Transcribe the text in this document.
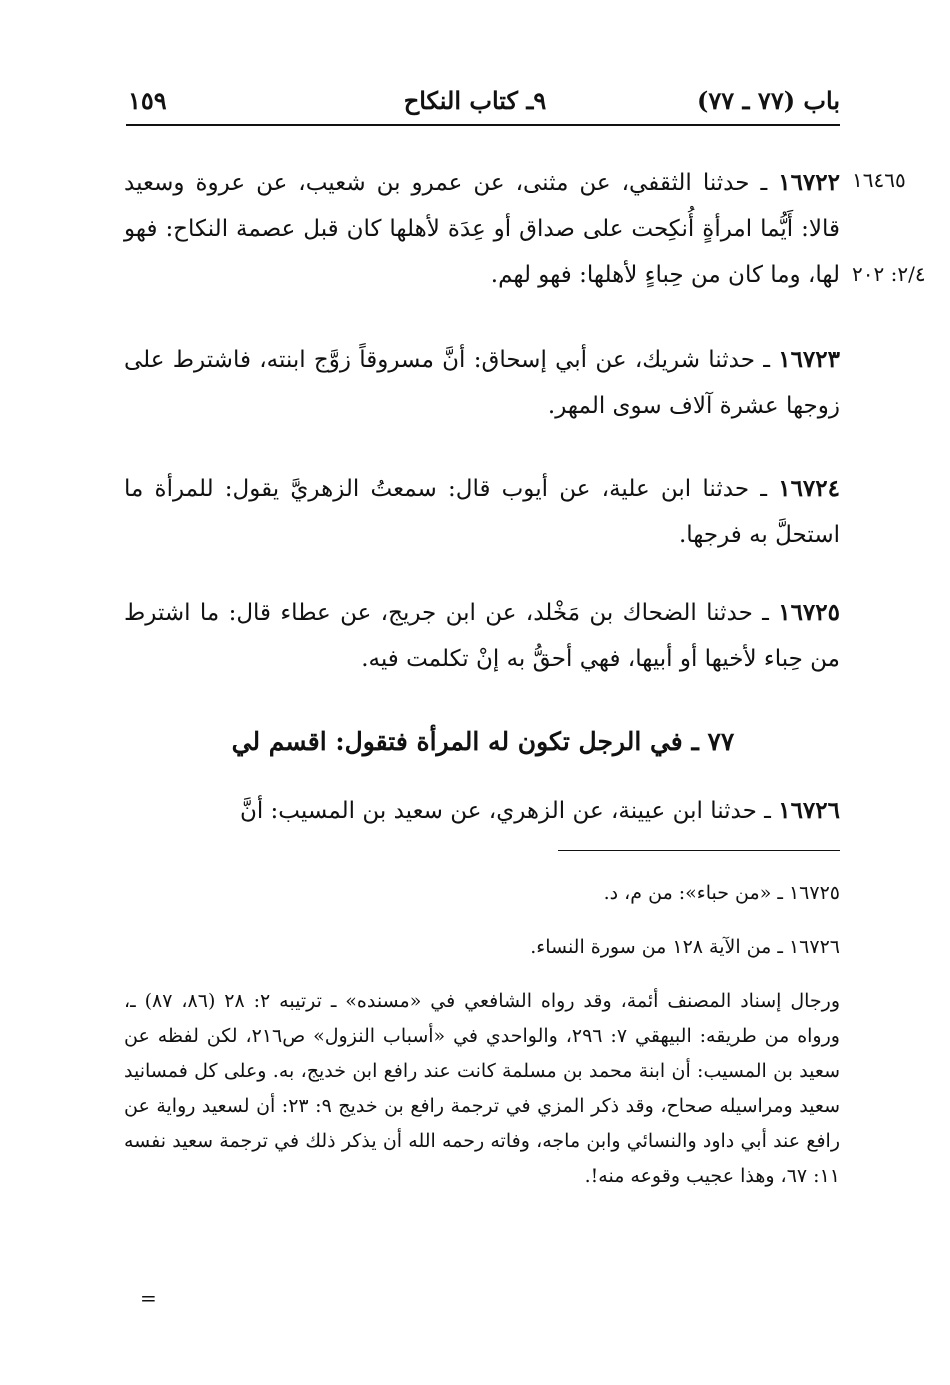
باب (٧٧ ـ ٧٧)
٩ـ كتاب النكاح
١٥٩
١٦٤٦٥
٢/٤: ٢٠٢

١٦٧٢٢ ـ حدثنا الثقفي، عن مثنى، عن عمرو بن شعيب، عن عروة وسعيد قالا: أَيُّما امرأةٍ أُنكِحت على صداق أو عِدَة لأهلها كان قبل عصمة النكاح: فهو لها، وما كان من حِباءٍ لأهلها: فهو لهم.

١٦٧٢٣ ـ حدثنا شريك، عن أبي إسحاق: أنَّ مسروقاً زوَّج ابنته، فاشترط على زوجها عشرة آلاف سوى المهر.

١٦٧٢٤ ـ حدثنا ابن علية، عن أيوب قال: سمعتُ الزهريَّ يقول: للمرأة ما استحلَّ به فرجها.

١٦٧٢٥ ـ حدثنا الضحاك بن مَخْلد، عن ابن جريج، عن عطاء قال: ما اشترط من حِباء لأخيها أو أبيها، فهي أحقُّ به إنْ تكلمت فيه.

٧٧ ـ في الرجل تكون له المرأة فتقول: اقسم لي

١٦٧٢٦ ـ حدثنا ابن عيينة، عن الزهري، عن سعيد بن المسيب: أنَّ

١٦٧٢٥ ـ «من حباء»: من م، د.
١٦٧٢٦ ـ من الآية ١٢٨ من سورة النساء.
ورجال إسناد المصنف أئمة، وقد رواه الشافعي في «مسنده» ـ ترتيبه ٢: ٢٨ (٨٦، ٨٧) ـ، ورواه من طريقه: البيهقي ٧: ٢٩٦، والواحدي في «أسباب النزول» ص٢١٦، لكن لفظه عن سعيد بن المسيب: أن ابنة محمد بن مسلمة كانت عند رافع ابن خديج، به. وعلى كل فمسانيد سعيد ومراسيله صحاح، وقد ذكر المزي في ترجمة رافع بن خديج ٩: ٢٣: أن لسعيد رواية عن رافع عند أبي داود والنسائي وابن ماجه، وفاته رحمه الله أن يذكر ذلك في ترجمة سعيد نفسه ١١: ٦٧، وهذا عجيب وقوعه منه!.
=
